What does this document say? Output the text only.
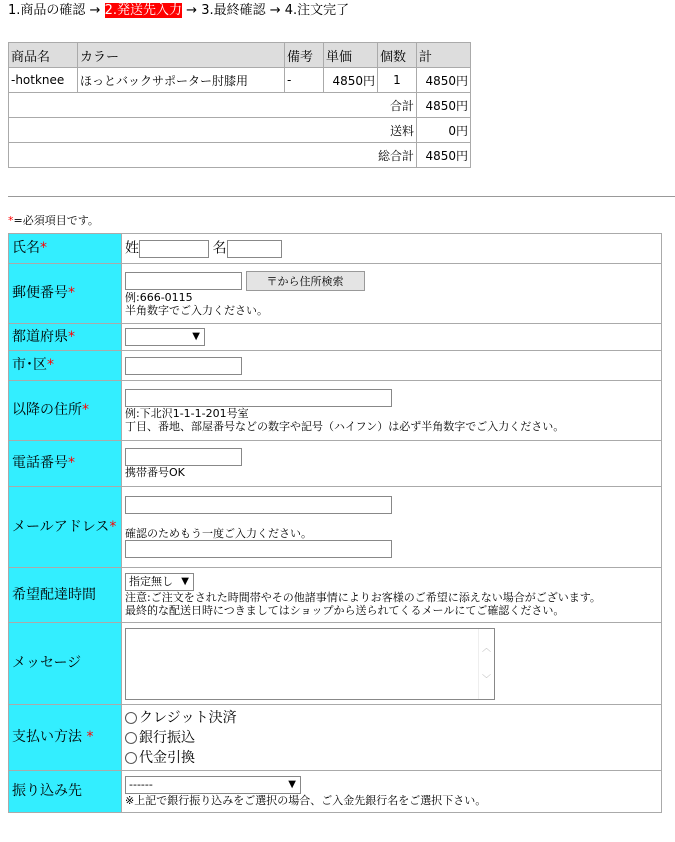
1.商品の確認 → 2.発送先入力 → 3.最終確認 → 4.注文完了
商品名	カラー	備考	単価	個数	計
-hotknee	ほっとバックサポーター肘膝用	-	4850円	1	4850円
合計					4850円
送料					0円
総合計					4850円
*=必須項目です。
氏名*	姓 名
郵便番号*	〒から住所検索
例:666-0115
半角数字でご入力ください。
都道府県*	▼

市･区*	
以降の住所*	例:下北沢1-1-1-201号室
丁目、番地、部屋番号などの数字や記号（ハイフン）は必ず半角数字でご入力ください。
電話番号*	携帯番号OK
メールアドレス*	確認のためもう一度ご入力ください。

希望配達時間	指定無し ▼

注意:ご注文をされた時間帯やその他諸事情によりお客様のご希望に添えない場合がございます。
最終的な配送日時につきましてはショップから送られてくるメールにてご確認ください。
メッセージ	︿
﹀

支払い方法 *	クレジット決済
銀行振込
代金引換

振り込み先	------ ▼

※上記で銀行振り込みをご選択の場合、ご入金先銀行名をご選択下さい。
